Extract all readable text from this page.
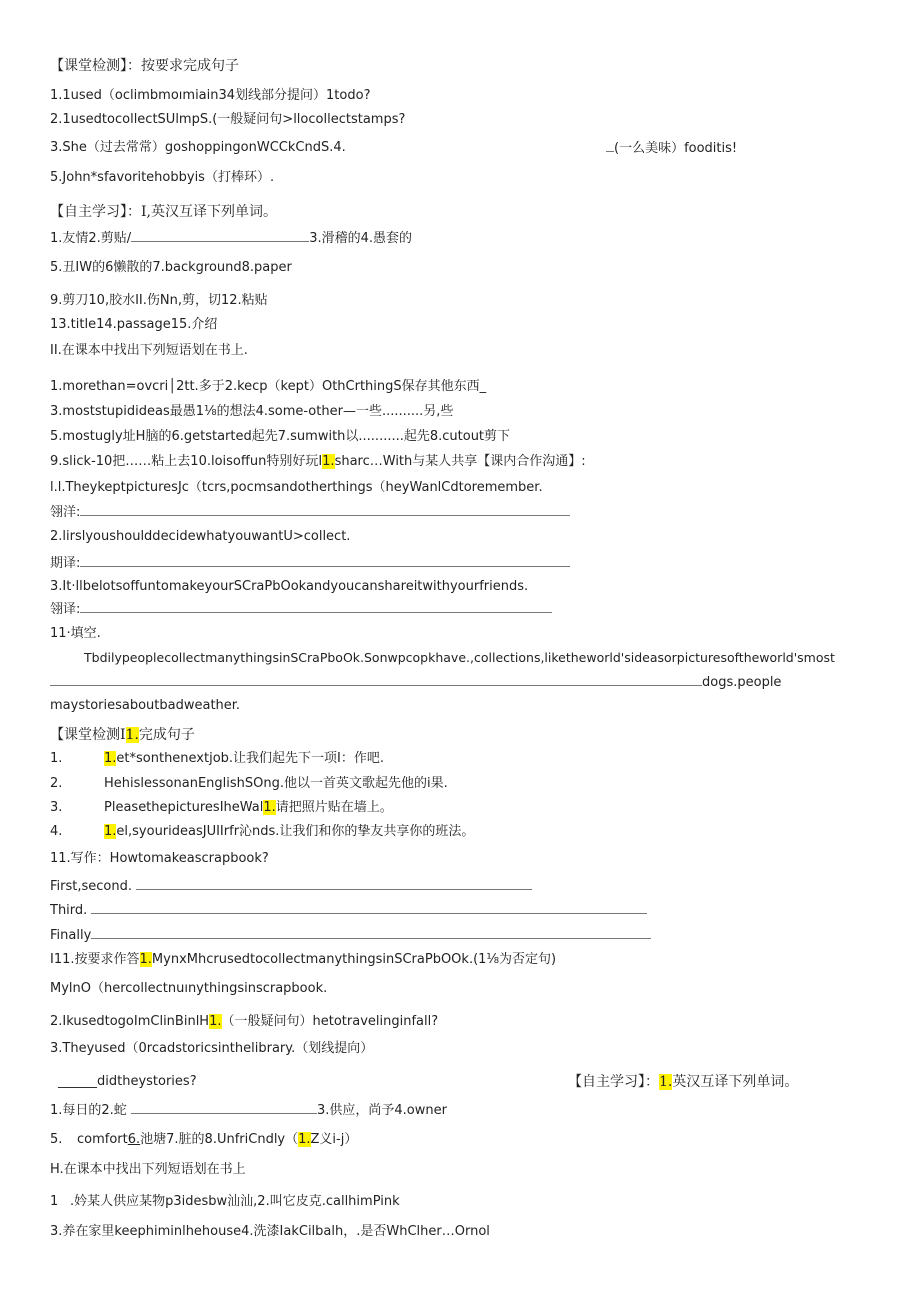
【课堂检测】：按要求完成句子
1.1used（oclimbmoımiain34划线部分提问）1todo?
2.1usedtocollectSUlmpS.(一般疑问句>llocollectstamps?
3.She（过去常常）goshoppingonWCCkCndS.4.	(一么美味）fooditis!
5.John*sfavoritehobbyis（打棒环）.
【自主学习】：I,英汉互译下列单词。
1.友情2.剪贴/	3.滑稽的4.愚套的
5.丑IW的6懒散的7.background8.paper
9.剪刀10,胶水II.伤Nn,剪，切12.粘贴
13.title14.passage15.介绍
II.在课本中找出下列短语划在书上.
1.morethan=ovcri│2tt.多于2.kecp（kept）OthCrthingS保存其他东西_
3.moststupidideas最愚1⅛的想法4.some-other—一些..........另,些
5.mostugly址H脑的6.getstarted起先7.sumwith以...........起先8.cutout剪下
9.slick-10把……粘上去10.loisoffun特别好玩I1.sharc…With与某人共享【课内合作沟通】:
l.l.TheykeptpicturesJc（tcrs,pocmsandotherthings（heyWanlCdtoremember.
翎洋:
2.lirslyoushoulddecidewhatyouwantU>collect.
期译:
3.It·llbelotsoffuntomakeyourSCraPbOokandyoucanshareitwithyourfriends.
翎译:
11·填空.
TbdilypeoplecollectmanythingsinSCraPboOk.Sonwpcopkhave.,collections,liketheworld'sideasorpicturesoftheworld'smost
dogs.people
maystoriesaboutbadweather.
【课堂检测I1.完成句子
1.	1.et*sonthenextjob.让我们起先下一项I：作吧.
2.	HehislessonanEnglishSOng.他以一首英文歌起先他的i果.
3.	PleasethepicturesIheWal1.请把照片贴在墙上。
4.	1.el,syourideasJUIIrfr沁nds.让我们和你的挚友共享你的班法。
11.写作：Howtomakeascrapbook?
First,second.
Third.
Finally
I11.按要求作答1.MynxMhcrusedtocollectmanythingsinSCraPbOOk.(1⅛为否定句)
MylnO（hercollectnuınythingsinscrapbook.
2.IkusedtogoImClinBinlH1.（一般疑问句）hetotravelinginfall?
3.Theyused（0rcadstoricsinthelibrary.（划线提向）
______didtheystories?	【自主学习】：1.英汉互译下列单词。
1.每日的2.蛇	3.供应，尚予4.owner
5. comfort6.池塘7.脏的8.UnfriCndly（1.Z义i-j）
H.在课本中找出下列短语划在书上
1 .妗某人供应某物p3idesbw汕汕,2.叫它皮克.callhimPink
3.养在家里keephiminlhehouse4.洗漆IakCilbalh，.是否WhClher…Ornol
